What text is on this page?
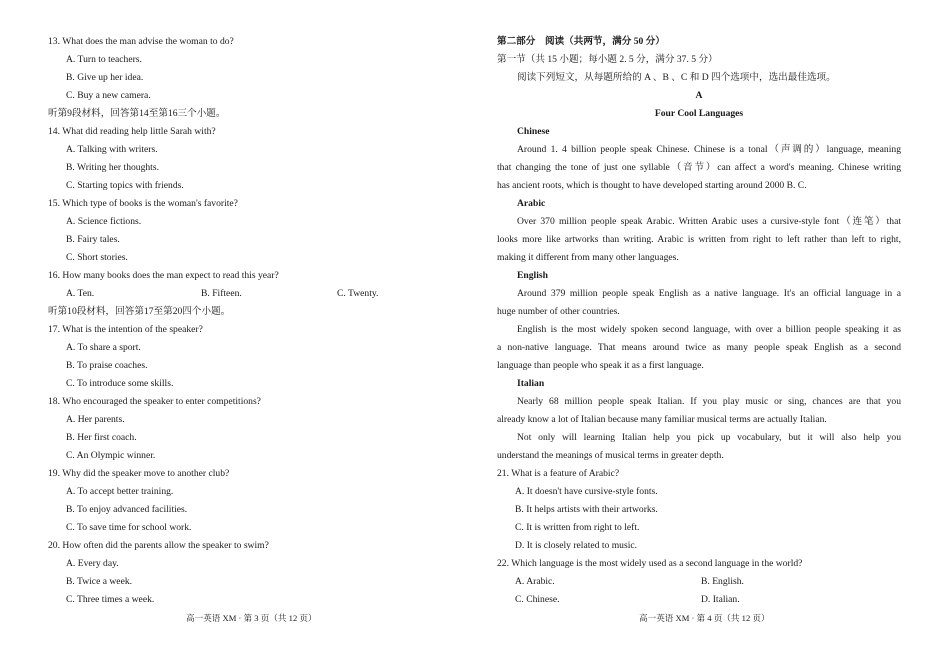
13. What does the man advise the woman to do?
A. Turn to teachers.
B. Give up her idea.
C. Buy a new camera.
听第9段材料，回答第14至第16三个小题。
14. What did reading help little Sarah with?
A. Talking with writers.
B. Writing her thoughts.
C. Starting topics with friends.
15. Which type of books is the woman's favorite?
A. Science fictions.
B. Fairy tales.
C. Short stories.
16. How many books does the man expect to read this year?
A. Ten.	B. Fifteen.	C. Twenty.
听第10段材料，回答第17至第20四个小题。
17. What is the intention of the speaker?
A. To share a sport.
B. To praise coaches.
C. To introduce some skills.
18. Who encouraged the speaker to enter competitions?
A. Her parents.
B. Her first coach.
C. An Olympic winner.
19. Why did the speaker move to another club?
A. To accept better training.
B. To enjoy advanced facilities.
C. To save time for school work.
20. How often did the parents allow the speaker to swim?
A. Every day.
B. Twice a week.
C. Three times a week.
高一英语 XM · 第 3 页（共 12 页）
第二部分　阅读（共两节，满分 50 分）
第一节（共 15 小题；每小题 2. 5 分，满分 37. 5 分）
阅读下列短文，从每题所给的 A 、B 、C 和 D 四个选项中，选出最佳选项。
A
Four Cool Languages
Chinese
Around 1. 4 billion people speak Chinese. Chinese is a tonal（声调的）language, meaning
that changing the tone of just one syllable（音节）can affect a word's meaning. Chinese writing
has ancient roots, which is thought to have developed starting around 2000 B. C.
Arabic
Over 370 million people speak Arabic. Written Arabic uses a cursive-style font（连笔）that
looks more like artworks than writing. Arabic is written from right to left rather than left to right,
making it different from many other languages.
English
Around 379 million people speak English as a native language. It's an official language in a
huge number of other countries.
English is the most widely spoken second language, with over a billion people speaking it as
a non-native language. That means around twice as many people speak English as a second
language than people who speak it as a first language.
Italian
Nearly 68 million people speak Italian. If you play music or sing, chances are that you
already know a lot of Italian because many familiar musical terms are actually Italian.
Not only will learning Italian help you pick up vocabulary, but it will also help you
understand the meanings of musical terms in greater depth.
21. What is a feature of Arabic?
A. It doesn't have cursive-style fonts.
B. It helps artists with their artworks.
C. It is written from right to left.
D. It is closely related to music.
22. Which language is the most widely used as a second language in the world?
A. Arabic.	B. English.
C. Chinese.	D. Italian.
高一英语 XM · 第 4 页（共 12 页）
